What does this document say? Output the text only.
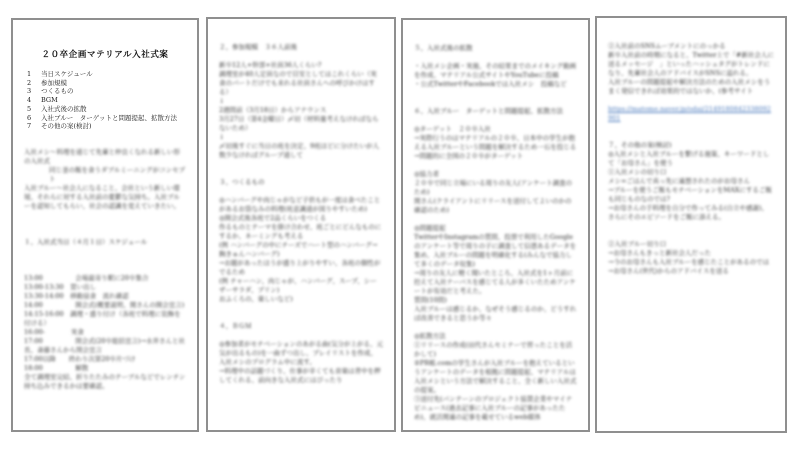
２０卒企画マテリアル入社式案
1 当日スケジュール
2 参加規模
3 つくるもの
4 BGM
5 入社式後の拡散
6 入社ブルー　ターゲットと問題提起、拡散方法
7 その他の案(検討)
入社メシ〜料理を通じて先輩と仲良くなれる新しい形の入社式
同じ釜の飯を食うダブルミーニングがコンセプト
入社ブルー〜社会人になること、会社という新しい環境、それらに対する入社前の憂鬱な気持ち。入社ブルーを認知してもらい、社会の認識を変えていきたい。
１、入社式当日（４月１日）スケジュール
13:00　　　　　会場最寄り駅に20卒集合
13:00-13:30　買い出し
13:30-14:00　移動昼食　流れ確認
14:00　　　　　開会式(概要説明、関さんの開会宣言)
14:15-16:00　調理・盛り付け（各班で料理に装飾を付ける）
16:00-　　　　実食
17:00　　　　　閉会式(20卒総括宣言)→水井さんと社長、斎藤さんから閉会宣言
17:00以降　　終わり次第20卒片づけ
18:00　　　　　解散
全て調理室完結、折りたたみのテーブルなどでレンチン持ち込みできるかは要確認。
２、参加規模　３６人前後
新卒12人+幹部+社員36人くらい?
調理室が40人定員なので目安としてはこれくらい（実食のパートだけでも来れる社員さんへの呼びかけはする）
↓
2週間前（3月18日）からアナウンス
3月27日（第4金曜日）〆切（材料量考えなければならないため）
↓
〆切後すぐに当日の班を決定、9班ほどに分けたいが人数少なければグループ通して
３、つくるもの
◎ハンバーグや肉じゃがなど子供もが一度は食べたことがあるお袋なみの料理(班意識通が図りやすいため)
◎開会式後各班で2品くらいをつくる
作るものとテーマを掛け合わせ、班ごとにどんなものにするか、ネーミングも考える
(例 ハンバーグの中にチーズでハート型のハンバーグ→胸きゅんハンバーグ)
→お題があったほうが盛り上がりやすい、各班の個性がでるため
(例 チャーハン、肉じゃが、ハンバーグ、スープ、シーザーサラダ、プリン)
おふくろの、楽しいなど)
４、ＢＧＭ
◎参加者がモチベーションのあがる曲(気分が上がる、元気が出るもの)を一曲ずつ出し、プレイリストを作成、入社メシのプログラム中に流す。
→料理中の話題づくり、仕事が辛くても音楽は背中を押してくれる、前向きな入社式にはぴったり
５、入社式後の拡散
・入社メシ企画・実施、その結果までのメイキング動画を作成、マテリアル公式サイトやYouTubeに投稿
・公式TwitterやFacebookでは入社メシ　投稿など
６、入社ブルー　ターゲットと問題提起、拡散方法
◎ターゲット　２０卒入社
→実際行うのはマテリアルの２０卒、日本中の学生が抱える入社ブルーという問題を解決するため一石を投じる→問題的に全国の２０卒がターゲット
◎協力者
２０卒で同じ立場にいる周りの友人(アンケート調査のため)
関さん(クライアントにリリースを送付してよいのかの確認のため)
◎問題提起
TwitterやInstagramの質問、投票で利用したGoogleのアンケート等で周りの子に調査して信憑あるデータを集め、入社ブルーの問題を明確化する(みんなで協力して多くのデータ収集)
→周りの友人に軽く聞いたところ、入社式を1ヶ月前に控えて入社ナーバスを感じてる人が多くいたためアンケートが有効だと考えた。
質問(10問)
入社ブルーは感じるか、なぜそう感じるのか、どうすれば改善できると思うか等々
◎拡散方法
①リリースの作成(田代さんセミナーで習ったことを活かして)
②PR帳.comの学生さんが入社ブルーを抱えているというアンケートのデータを根拠に問題提起、マテリアルは入社メシという方法で解決すること、全く新しい入社式の提案。
③送付先(パンテーンのプロジェクト協賛企業やマイナビニュース(過去記事に入社ブルーの記事があったため)、就活関連の記事を載せているweb媒体
②入社前のSNSムーブメントにのっかる
新卒入社前の時期になると、Twitter上で「#新社会人に送るメッセージ　」といったハッシュタグがトレンドになり、先輩社会人のアドバイスがSNSに溢れる。
入社ブルーの問題提起や解決方法のための入社メシをうまく発信できれば効果的ではないか、(参考サイト
https://matome.naver.jp/odai/2149180842338092901
７、その他の案(検討)
◎入社メシと入社ブルーを繋げる施策、キーワードとして「お母さん」を使う
①入社メシの切り口
メシ=ごはんで真っ先に連想されたのがお母さん
→ブルーを使うご飯もモチベーションをMAXにするご飯も同じものなのでは?
→お母さんの手料理を自分で作ってみる(自立や感謝)、さらにそのエピソードをご飯に添える。
②入社ブルー切り口
→お母さんもきっと新社会人だった
→今のお母さんも入社ブルーを感じたことがあるのでは
→お母さん(世代)からのアドバイスを送る
